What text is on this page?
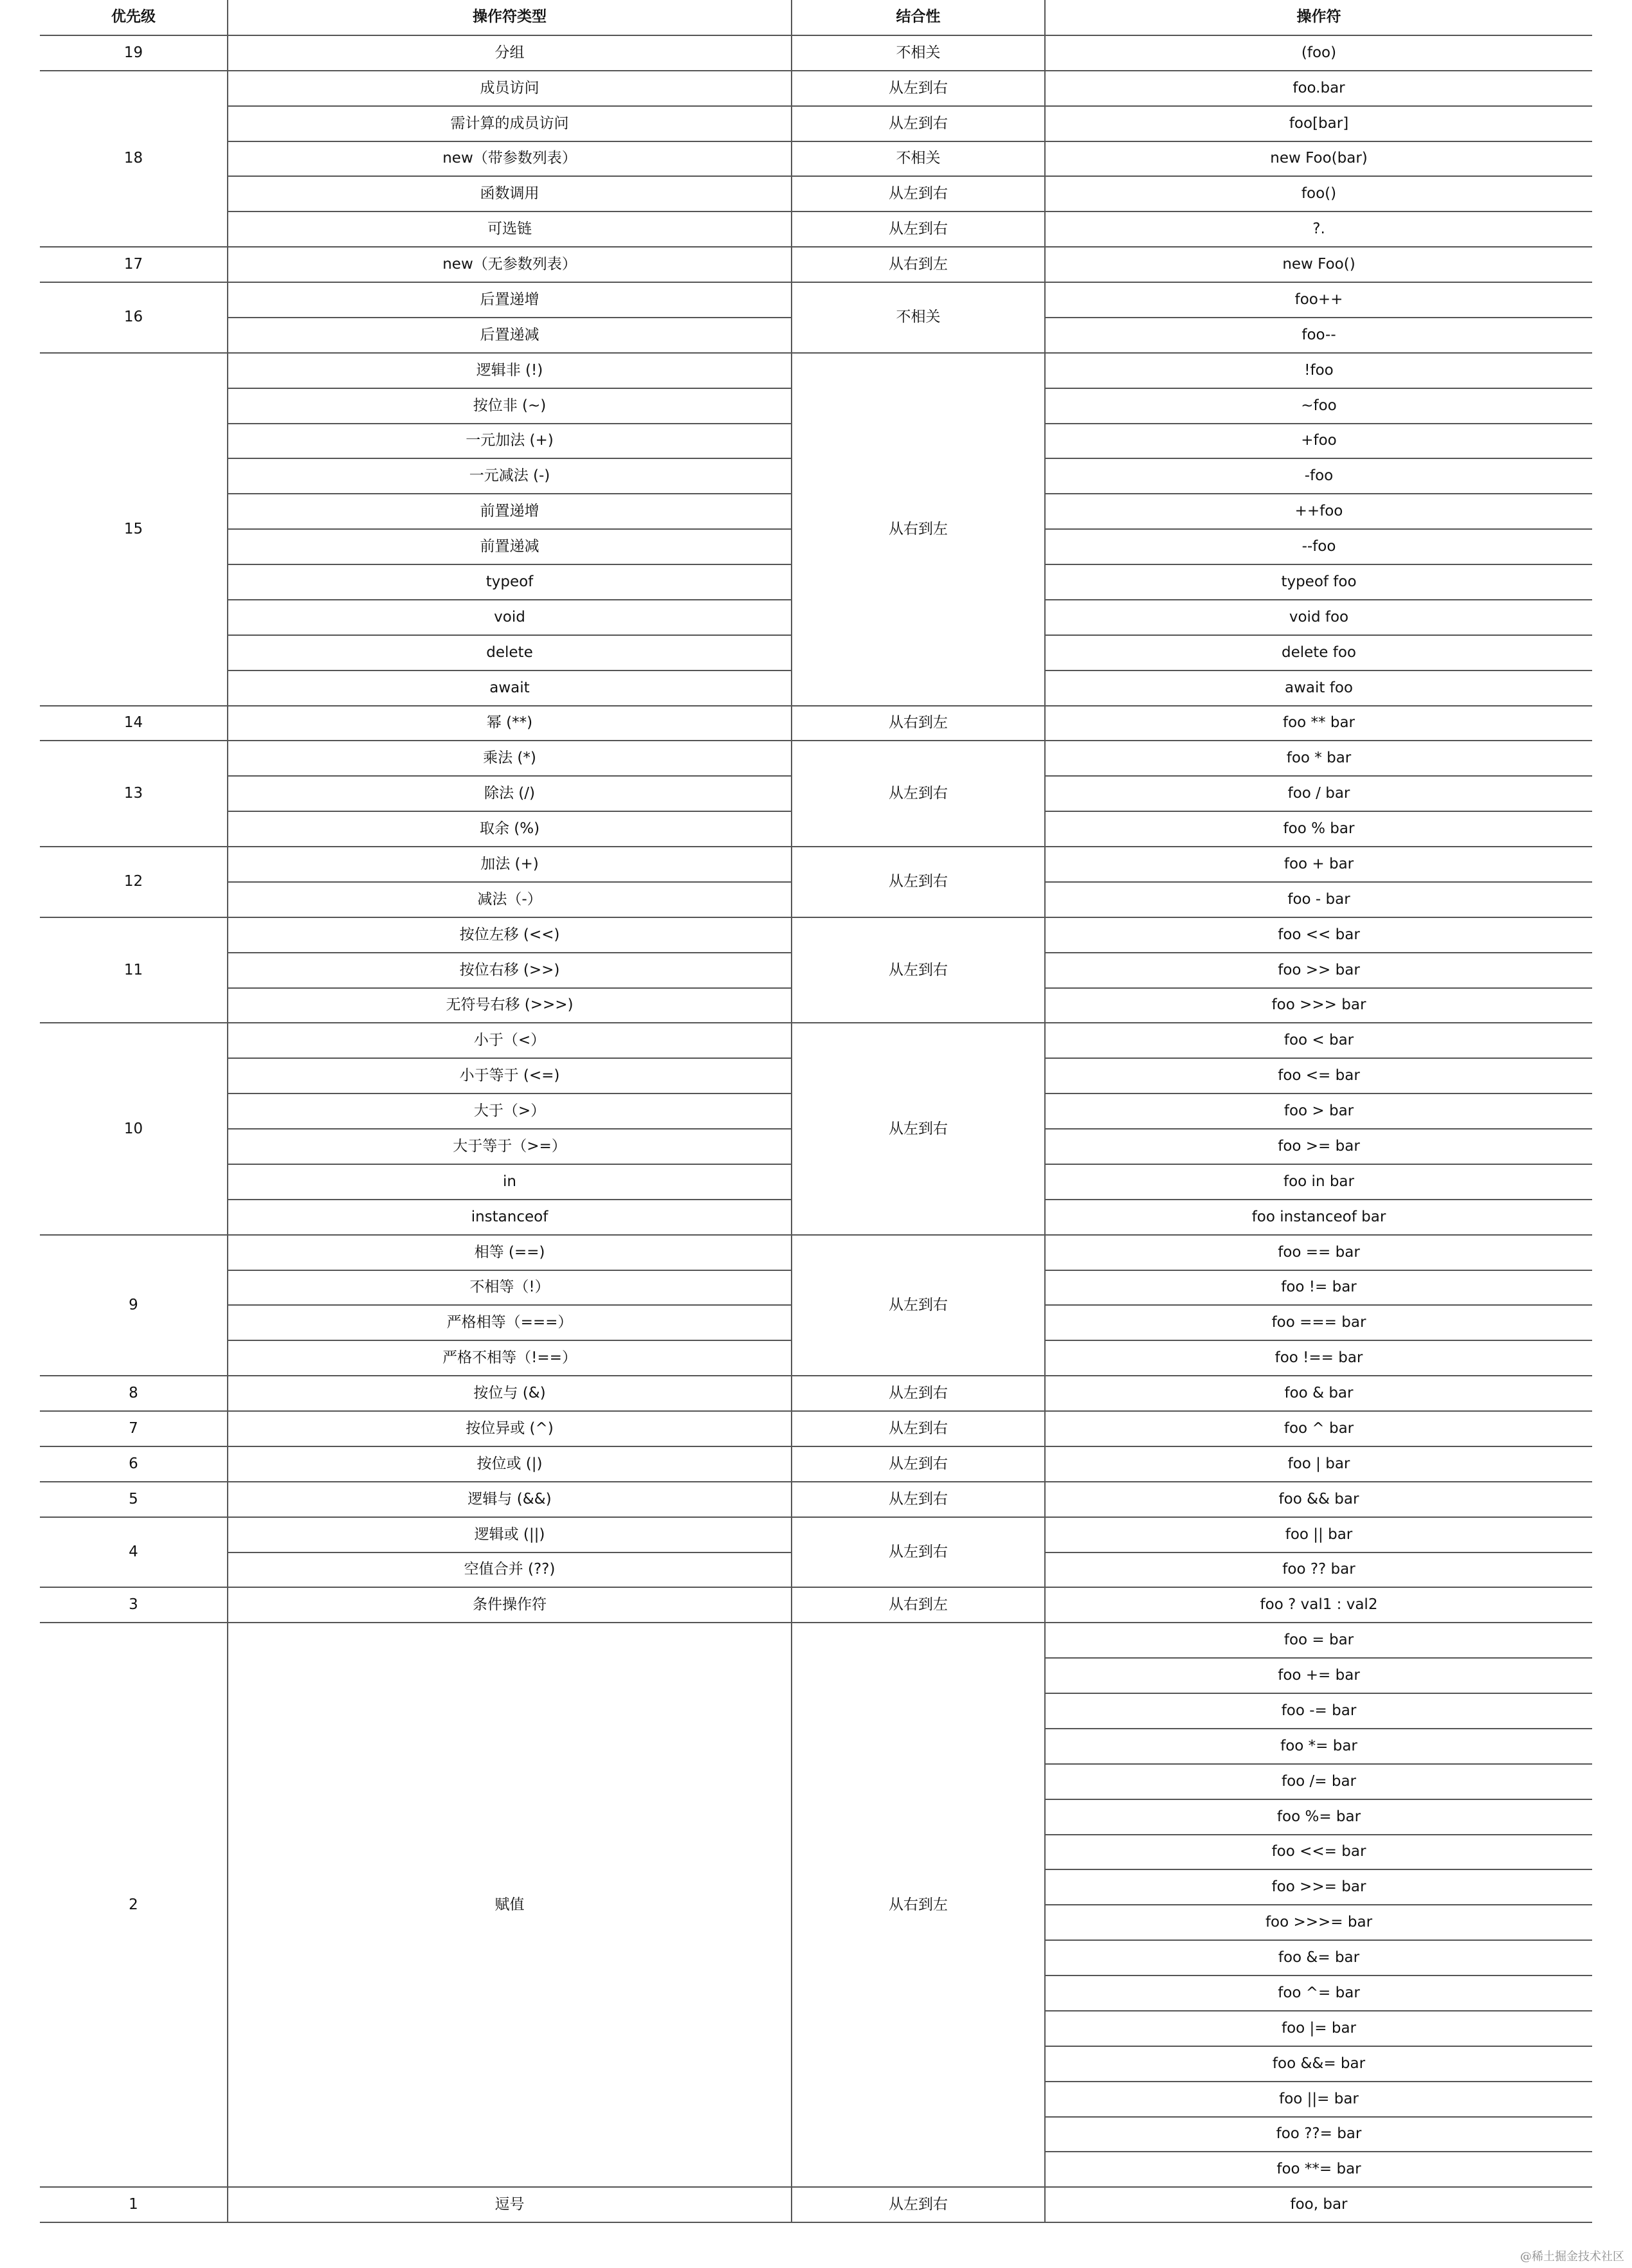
优先级	操作符类型	结合性	操作符
19	分组	不相关	(foo)
18	成员访问	从左到右	foo.bar
	需计算的成员访问	从左到右	foo[bar]
	new（带参数列表）	不相关	new Foo(bar)
	函数调用	从左到右	foo()
	可选链	从左到右	?.
17	new（无参数列表）	从右到左	new Foo()
16	后置递增	不相关	foo++
	后置递减		foo--
15	逻辑非 (!)	从右到左	!foo
	按位非 (~)		~foo
	一元加法 (+)		+foo
	一元减法 (-)		-foo
	前置递增		++foo
	前置递减		--foo
	typeof		typeof foo
	void		void foo
	delete		delete foo
	await		await foo
14	幂 (**)	从右到左	foo ** bar
13	乘法 (*)	从左到右	foo * bar
	除法 (/)		foo / bar
	取余 (%)		foo % bar
12	加法 (+)	从左到右	foo + bar
	减法（-）		foo - bar
11	按位左移 (<<)	从左到右	foo << bar
	按位右移 (>>)		foo >> bar
	无符号右移 (>>>)		foo >>> bar
10	小于（<）	从左到右	foo < bar
	小于等于 (<=)		foo <= bar
	大于（>）		foo > bar
	大于等于（>=）		foo >= bar
	in		foo in bar
	instanceof		foo instanceof bar
9	相等 (==)	从左到右	foo == bar
	不相等（!）		foo != bar
	严格相等（===）		foo === bar
	严格不相等（!==）		foo !== bar
8	按位与 (&)	从左到右	foo & bar
7	按位异或 (^)	从左到右	foo ^ bar
6	按位或 (|)	从左到右	foo | bar
5	逻辑与 (&&)	从左到右	foo && bar
4	逻辑或 (||)	从左到右	foo || bar
	空值合并 (??)		foo ?? bar
3	条件操作符	从右到左	foo ? val1 : val2
2	赋值	从右到左	foo = bar
			foo += bar
			foo -= bar
			foo *= bar
			foo /= bar
			foo %= bar
			foo <<= bar
			foo >>= bar
			foo >>>= bar
			foo &= bar
			foo ^= bar
			foo |= bar
			foo &&= bar
			foo ||= bar
			foo ??= bar
			foo **= bar
1	逗号	从左到右	foo, bar
@稀土掘金技术社区
